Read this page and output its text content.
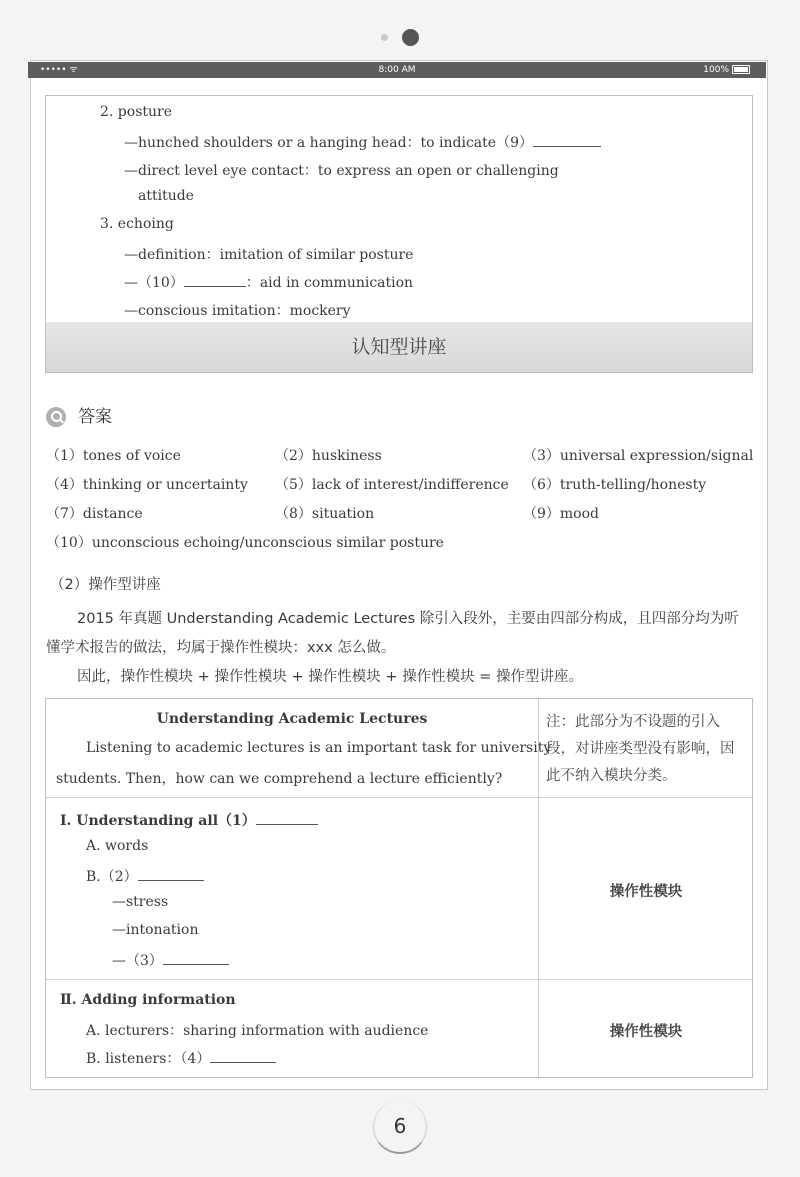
••••• ᯤ	8:00 AM	100%
2. posture
—hunched shoulders or a hanging head：to indicate（9）
—direct level eye contact：to express an open or challenging
attitude
3. echoing
—definition：imitation of similar posture
—（10）	：aid in communication
—conscious imitation：mockery
认知型讲座
答案
（1）tones of voice	（2）huskiness	（3）universal expression/signal
（4）thinking or uncertainty （5）lack of interest/indifference （6）truth-telling/honesty
（7）distance	（8）situation	（9）mood
（10）unconscious echoing/unconscious similar posture
（2）操作型讲座
2015 年真题 Understanding Academic Lectures 除引入段外，主要由四部分构成，且四部分均为听
懂学术报告的做法，均属于操作性模块：xxx 怎么做。
因此，操作性模块 + 操作性模块 + 操作性模块 + 操作性模块 = 操作型讲座。
Understanding Academic Lectures
Listening to academic lectures is an important task for university
students. Then，how can we comprehend a lecture efficiently?
注：此部分为不设题的引入段，对讲座类型没有影响，因此不纳入模块分类。
Ⅰ. Understanding all（1）
A. words
B.（2）
—stress
—intonation
—（3）
操作性模块
Ⅱ. Adding information
A. lecturers：sharing information with audience
B. listeners：（4）
操作性模块
6
